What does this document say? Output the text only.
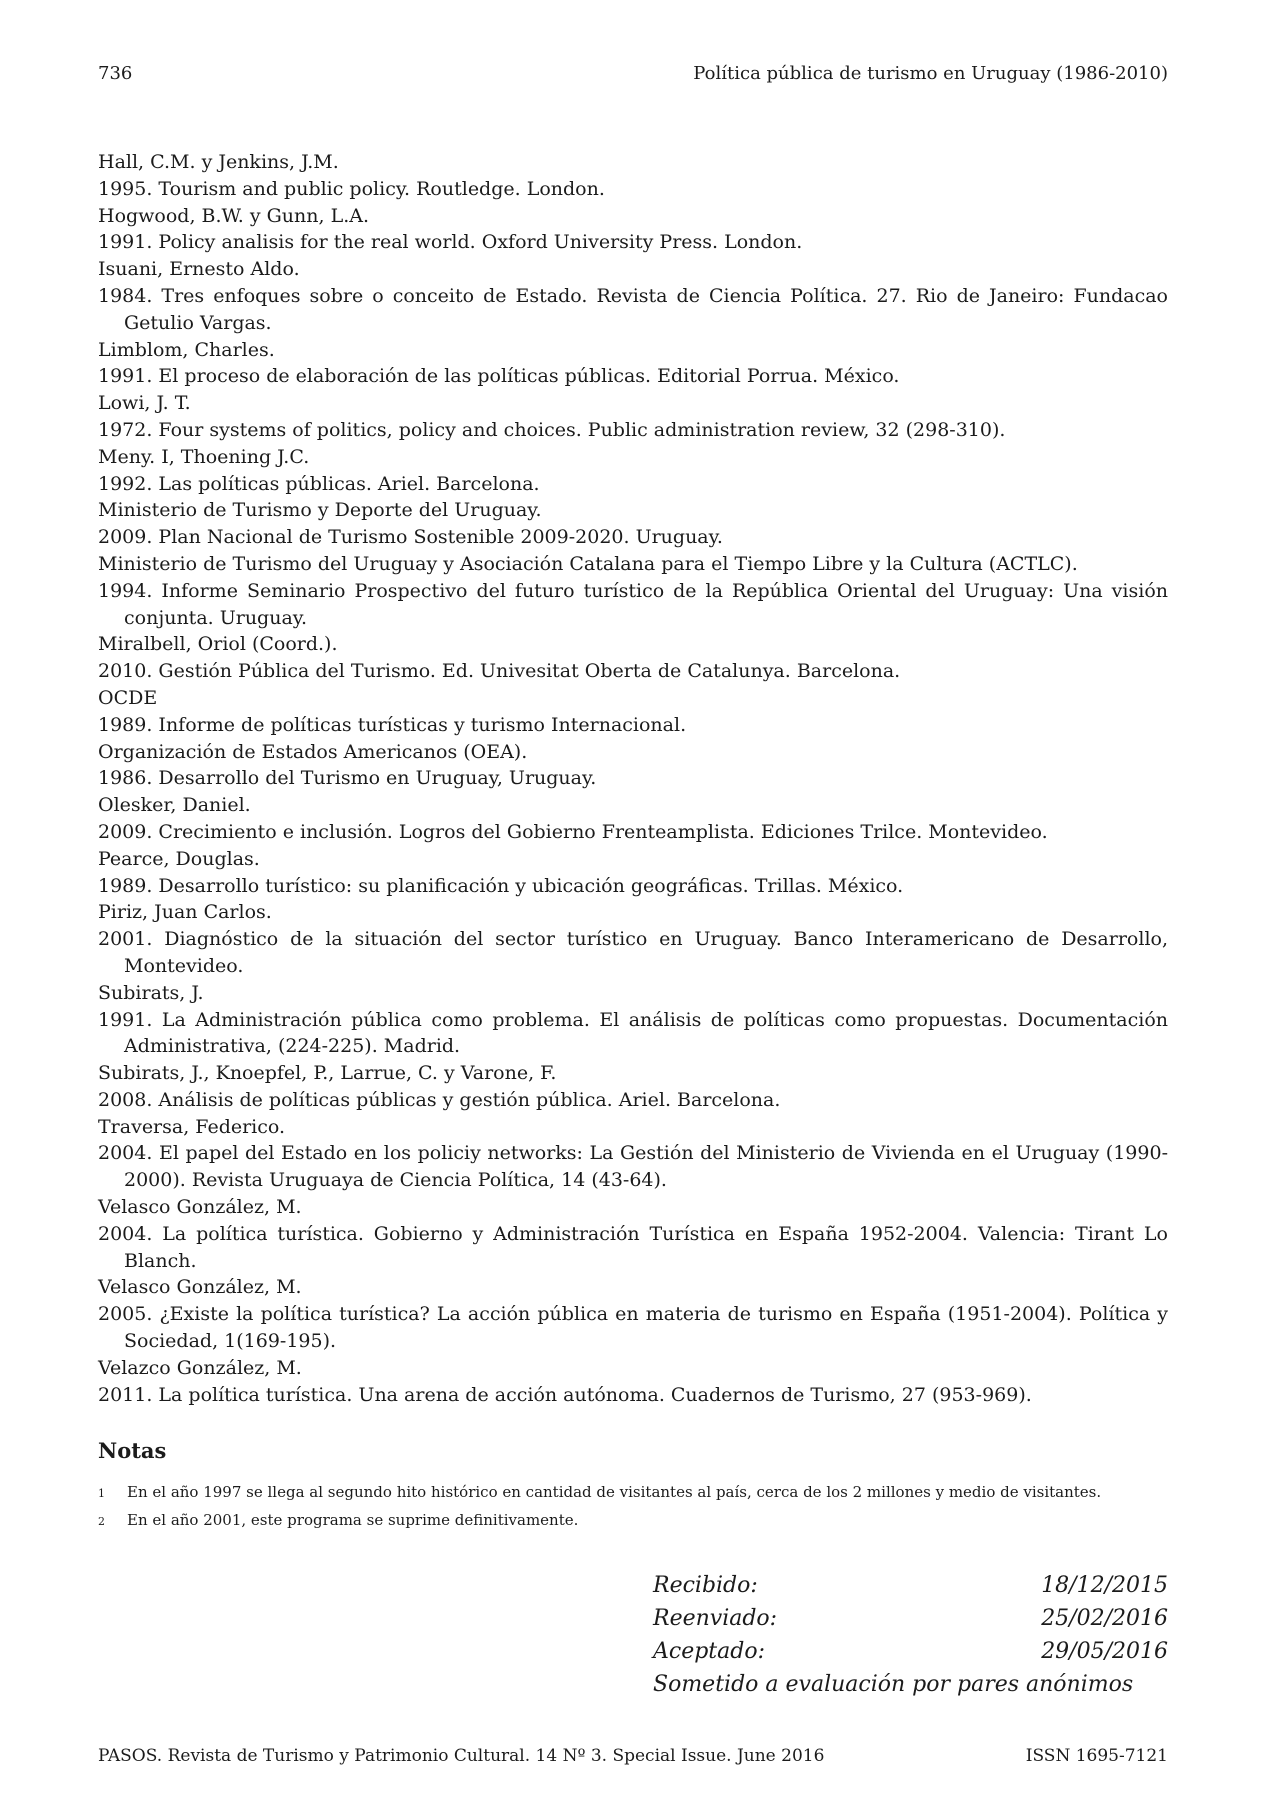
736	Política pública de turismo en Uruguay (1986-2010)

Hall, C.M. y Jenkins, J.M.

1995. Tourism and public policy. Routledge. London.

Hogwood, B.W. y Gunn, L.A.

1991. Policy analisis for the real world. Oxford University Press. London.

Isuani, Ernesto Aldo.

1984. Tres enfoques sobre o conceito de Estado. Revista de Ciencia Política. 27. Rio de Janeiro: Fundacao Getulio Vargas.

Limblom, Charles.

1991. El proceso de elaboración de las políticas públicas. Editorial Porrua. México.

Lowi, J. T.

1972. Four systems of politics, policy and choices. Public administration review, 32 (298-310).

Meny. I, Thoening J.C.

1992. Las políticas públicas. Ariel. Barcelona.

Ministerio de Turismo y Deporte del Uruguay.

2009. Plan Nacional de Turismo Sostenible 2009-2020. Uruguay.

Ministerio de Turismo del Uruguay y Asociación Catalana para el Tiempo Libre y la Cultura (ACTLC).

1994. Informe Seminario Prospectivo del futuro turístico de la República Oriental del Uruguay: Una visión conjunta. Uruguay.

Miralbell, Oriol (Coord.).

2010. Gestión Pública del Turismo. Ed. Univesitat Oberta de Catalunya. Barcelona.

OCDE

1989. Informe de políticas turísticas y turismo Internacional.

Organización de Estados Americanos (OEA).

1986. Desarrollo del Turismo en Uruguay, Uruguay.

Olesker, Daniel.

2009. Crecimiento e inclusión. Logros del Gobierno Frenteamplista. Ediciones Trilce. Montevideo.

Pearce, Douglas.

1989. Desarrollo turístico: su planificación y ubicación geográficas. Trillas. México.

Piriz, Juan Carlos.

2001. Diagnóstico de la situación del sector turístico en Uruguay. Banco Interamericano de Desarrollo, Montevideo.

Subirats, J.

1991. La Administración pública como problema. El análisis de políticas como propuestas. Documentación Administrativa, (224-225). Madrid.

Subirats, J., Knoepfel, P., Larrue, C. y Varone, F.

2008. Análisis de políticas públicas y gestión pública. Ariel. Barcelona.

Traversa, Federico.

2004. El papel del Estado en los policiy networks: La Gestión del Ministerio de Vivienda en el Uruguay (1990-2000). Revista Uruguaya de Ciencia Política, 14 (43-64).

Velasco González, M.

2004. La política turística. Gobierno y Administración Turística en España 1952-2004. Valencia: Tirant Lo Blanch.

Velasco González, M.

2005. ¿Existe la política turística? La acción pública en materia de turismo en España (1951-2004). Política y Sociedad, 1(169-195).

Velazco González, M.

2011. La política turística. Una arena de acción autónoma. Cuadernos de Turismo, 27 (953-969).

Notas
1	En el año 1997 se llega al segundo hito histórico en cantidad de visitantes al país, cerca de los 2 millones y medio de visitantes.
2	En el año 2001, este programa se suprime definitivamente.
Recibido:	18/12/2015
Reenviado:	25/02/2016
Aceptado:	29/05/2016
Sometido a evaluación por pares anónimos
PASOS. Revista de Turismo y Patrimonio Cultural. 14 Nº 3. Special Issue. June 2016	ISSN 1695-7121
